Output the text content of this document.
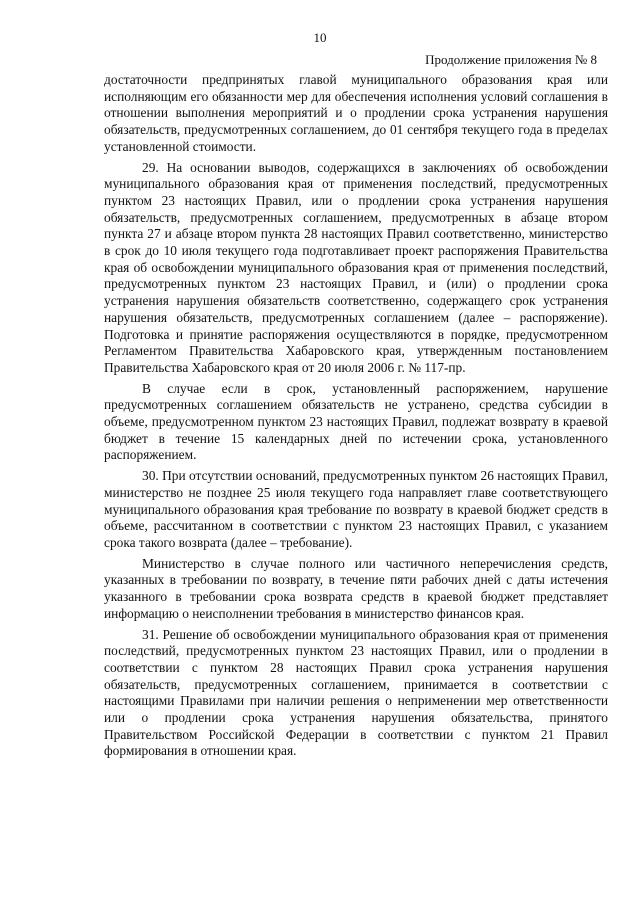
10
Продолжение приложения № 8

достаточности предпринятых главой муниципального образования края или исполняющим его обязанности мер для обеспечения исполнения условий соглашения в отношении выполнения мероприятий и о продлении срока устранения нарушения обязательств, предусмотренных соглашением, до 01 сентября текущего года в пределах установленной стоимости.

29. На основании выводов, содержащихся в заключениях об освобождении муниципального образования края от применения последствий, предусмотренных пунктом 23 настоящих Правил, или о продлении срока устранения нарушения обязательств, предусмотренных соглашением, предусмотренных в абзаце втором пункта 27 и абзаце втором пункта 28 настоящих Правил соответственно, министерство в срок до 10 июля текущего года подготавливает проект распоряжения Правительства края об освобождении муниципального образования края от применения последствий, предусмотренных пунктом 23 настоящих Правил, и (или) о продлении срока устранения нарушения обязательств соответственно, содержащего срок устранения нарушения обязательств, предусмотренных соглашением (далее – распоряжение). Подготовка и принятие распоряжения осуществляются в порядке, предусмотренном Регламентом Правительства Хабаровского края, утвержденным постановлением Правительства Хабаровского края от 20 июля 2006 г. № 117-пр.

В случае если в срок, установленный распоряжением, нарушение предусмотренных соглашением обязательств не устранено, средства субсидии в объеме, предусмотренном пунктом 23 настоящих Правил, подлежат возврату в краевой бюджет в течение 15 календарных дней по истечении срока, установленного распоряжением.

30. При отсутствии оснований, предусмотренных пунктом 26 настоящих Правил, министерство не позднее 25 июля текущего года направляет главе соответствующего муниципального образования края требование по возврату в краевой бюджет средств в объеме, рассчитанном в соответствии с пунктом 23 настоящих Правил, с указанием срока такого возврата (далее – требование).

Министерство в случае полного или частичного неперечисления средств, указанных в требовании по возврату, в течение пяти рабочих дней с даты истечения указанного в требовании срока возврата средств в краевой бюджет представляет информацию о неисполнении требования в министерство финансов края.

31. Решение об освобождении муниципального образования края от применения последствий, предусмотренных пунктом 23 настоящих Правил, или о продлении в соответствии с пунктом 28 настоящих Правил срока устранения нарушения обязательств, предусмотренных соглашением, принимается в соответствии с настоящими Правилами при наличии решения о неприменении мер ответственности или о продлении срока устранения нарушения обязательства, принятого Правительством Российской Федерации в соответствии с пунктом 21 Правил формирования в отношении края.
